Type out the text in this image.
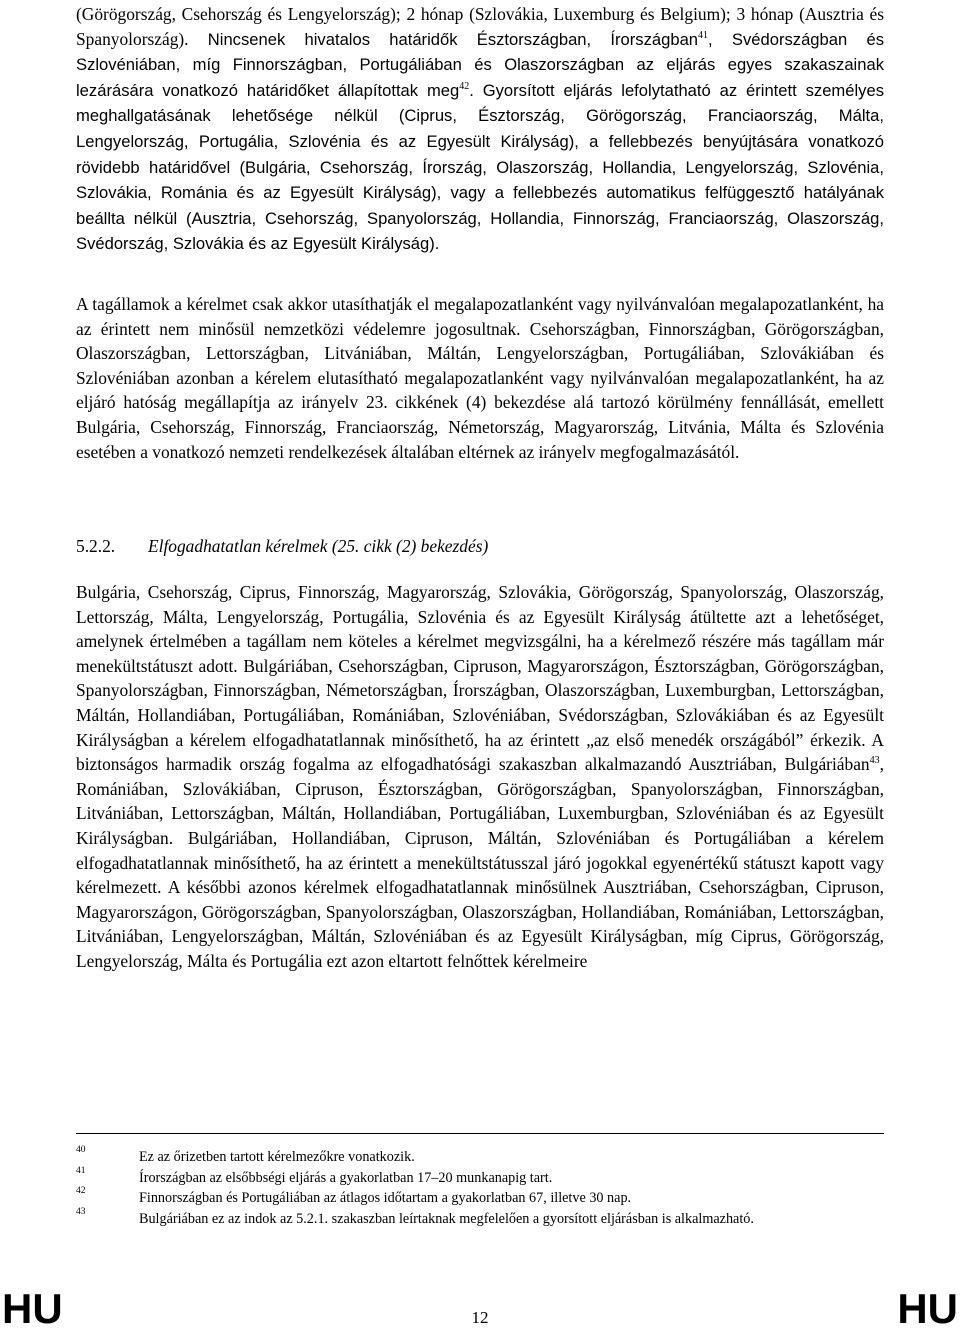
(Görögország, Csehország és Lengyelország); 2 hónap (Szlovákia, Luxemburg és Belgium); 3 hónap (Ausztria és Spanyolország). Nincsenek hivatalos határidők Észtországban, Írországban$^{41}$, Svédországban és Szlovéniában, míg Finnországban, Portugáliában és Olaszországban az eljárás egyes szakaszainak lezárására vonatkozó határidőket állapítottak meg$^{42}$. Gyorsított eljárás lefolytatható az érintett személyes meghallgatásának lehetősége nélkül (Ciprus, Észtország, Görögország, Franciaország, Málta, Lengyelország, Portugália, Szlovénia és az Egyesült Királyság), a fellebbezés benyújtására vonatkozó rövidebb határidővel (Bulgária, Csehország, Írország, Olaszország, Hollandia, Lengyelország, Szlovénia, Szlovákia, Románia és az Egyesült Királyság), vagy a fellebbezés automatikus felfüggesztő hatályának beállta nélkül (Ausztria, Csehország, Spanyolország, Hollandia, Finnország, Franciaország, Olaszország, Svédország, Szlovákia és az Egyesült Királyság).

A tagállamok a kérelmet csak akkor utasíthatják el megalapozatlanként vagy nyilvánvalóan megalapozatlanként, ha az érintett nem minősül nemzetközi védelemre jogosultnak. Csehországban, Finnországban, Görögországban, Olaszországban, Lettországban, Litvániában, Máltán, Lengyelországban, Portugáliában, Szlovákiában és Szlovéniában azonban a kérelem elutasítható megalapozatlanként vagy nyilvánvalóan megalapozatlanként, ha az eljáró hatóság megállapítja az irányelv 23. cikkének (4) bekezdése alá tartozó körülmény fennállását, emellett Bulgária, Csehország, Finnország, Franciaország, Németország, Magyarország, Litvánia, Málta és Szlovénia esetében a vonatkozó nemzeti rendelkezések általában eltérnek az irányelv megfogalmazásától.

5.2.2. Elfogadhatatlan kérelmek (25. cikk (2) bekezdés)

Bulgária, Csehország, Ciprus, Finnország, Magyarország, Szlovákia, Görögország, Spanyolország, Olaszország, Lettország, Málta, Lengyelország, Portugália, Szlovénia és az Egyesült Királyság átültette azt a lehetőséget, amelynek értelmében a tagállam nem köteles a kérelmet megvizsgálni, ha a kérelmező részére más tagállam már menekültstátuszt adott. Bulgáriában, Csehországban, Cipruson, Magyarországon, Észtországban, Görögországban, Spanyolországban, Finnországban, Németországban, Írországban, Olaszországban, Luxemburgban, Lettországban, Máltán, Hollandiában, Portugáliában, Romániában, Szlovéniában, Svédországban, Szlovákiában és az Egyesült Királyságban a kérelem elfogadhatatlannak minősíthető, ha az érintett „az első menedék országából” érkezik. A biztonságos harmadik ország fogalma az elfogadhatósági szakaszban alkalmazandó Ausztriában, Bulgáriában$^{43}$, Romániában, Szlovákiában, Cipruson, Észtországban, Görögországban, Spanyolországban, Finnországban, Litvániában, Lettországban, Máltán, Hollandiában, Portugáliában, Luxemburgban, Szlovéniában és az Egyesült Királyságban. Bulgáriában, Hollandiában, Cipruson, Máltán, Szlovéniában és Portugáliában a kérelem elfogadhatatlannak minősíthető, ha az érintett a menekültstátusszal járó jogokkal egyenértékű státuszt kapott vagy kérelmezett. A későbbi azonos kérelmek elfogadhatatlannak minősülnek Ausztriában, Csehországban, Cipruson, Magyarországon, Görögországban, Spanyolországban, Olaszországban, Hollandiában, Romániában, Lettországban, Litvániában, Lengyelországban, Máltán, Szlovéniában és az Egyesült Királyságban, míg Ciprus, Görögország, Lengyelország, Málta és Portugália ezt azon eltartott felnőttek kérelmeire

40	Ez az őrizetben tartott kérelmezőkre vonatkozik.
41	Írországban az elsőbbségi eljárás a gyakorlatban 17–20 munkanapig tart.
42	Finnországban és Portugáliában az átlagos időtartam a gyakorlatban 67, illetve 30 nap.
43	Bulgáriában ez az indok az 5.2.1. szakaszban leírtaknak megfelelően a gyorsított eljárásban is alkalmazható.
HU	12	HU
